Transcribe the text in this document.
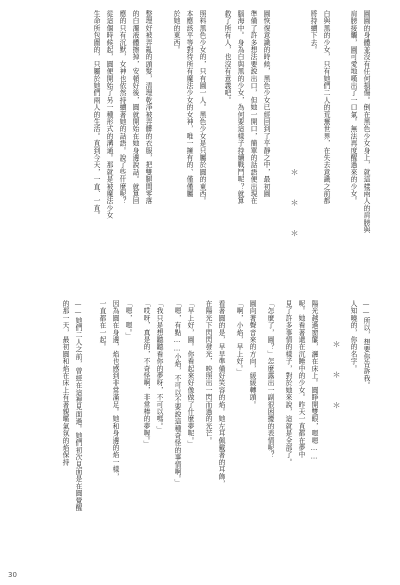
圓圓的身體並沒有任何損傷。倒在黑色少女身上，就這樣兩人的肩膀與
肩膀接觸，圓可愛地嘆出了一口氣。無法再度醒過來的少女。
白與黑的少女，只有她們二人的荒蕪世界，在失去意識之前都
將持續下去。
＊ ＊ ＊
圓恢復意識的時候，黑色少女已經回到了平靜之中，最初圓
準備了許多想法要說出口，但她一開口，簡單的話語便出現在
腦海中。身為白與黑的少女，為何要這樣子持續戰鬥呢？就算
救了所有人，也沒有意義吧。
照料黑色少女的，只有圓一人。黑色少女是只屬於圓的東西。
本應該平等對待所有魔法少女的女神，唯一擁有的、僅僅屬
於她的東西。
整理好被弄亂的頭髮，清理乾淨被弄髒的衣服，把雙腿間零落
的白濁液體擦掉，安頓好後，圓就開始在她身邊說話。就算回
應的只有沉默，女神也依然持續著她的話語。說了些什麼呢？
從這個時候起，圓便開始了另一種形式的溝通。那就是被魔法少女
生命所包圍的，只屬於她們兩人的生活。直到今天，一直、一直。
——所以，想要你告訴我。
人知曉的，你的名字。
＊ ＊ ＊
陽光越過窗簾，灑在床上。圓睜開雙眼，嗯嗯……
呢。她看著還在沉睡中的少女。昨天一直都在夢中
見了許多事情的樣子，對於她來說，這就是全部了。
「怎麼了，圓？」怎麼露出一副很困擾的表情呢？
圓向著聲音來的方向，緩緩轉頭。
「啊，小焰，早上好。」
看著圓的是，早早準備好笑容的焰。她左耳佩戴著的耳飾，
在陽光下閃閃發光，映照出一閃而過的光芒。
「早上好，圓。你看起來好像做了什麼夢呢。」
「嗯，有點……小焰，不可以不要說這種奇怪的事情啊。」
「我只是想聽聽看你的夢呀，不可以嗎。」
「哎呀，真是的，不奇怪啊，非常棒的夢喔。」
「嗯，嗯。」
因為圓在身邊，焰也感到非常滿足。她和身邊的焰一樣，
一直都在一起。
——她們二人之前，曾經在這裡見面過。她們初次見面是在圓覺醒
的那一天，最初圓和焰在床上有著親暱氣氛的焰保持
30
